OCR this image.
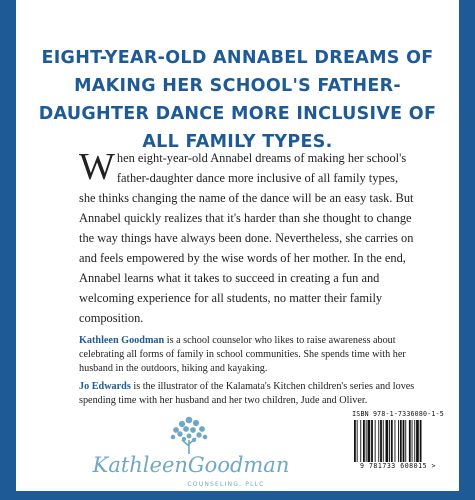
EIGHT-YEAR-OLD ANNABEL DREAMS OF MAKING HER SCHOOL'S FATHER-DAUGHTER DANCE MORE INCLUSIVE OF ALL FAMILY TYPES.

When eight-year-old Annabel dreams of making her school's father-daughter dance more inclusive of all family types, she thinks changing the name of the dance will be an easy task. But Annabel quickly realizes that it's harder than she thought to change the way things have always been done. Nevertheless, she carries on and feels empowered by the wise words of her mother. In the end, Annabel learns what it takes to succeed in creating a fun and welcoming experience for all students, no matter their family composition.

Kathleen Goodman is a school counselor who likes to raise awareness about celebrating all forms of family in school communities. She spends time with her husband in the outdoors, hiking and kayaking.

Jo Edwards is the illustrator of the Kalamata's Kitchen children's series and loves spending time with her husband and her two children, Jude and Oliver.

KathleenGoodman
COUNSELING, PLLC
ISBN 978-1-7336080-1-5
9 781733 608015 >
